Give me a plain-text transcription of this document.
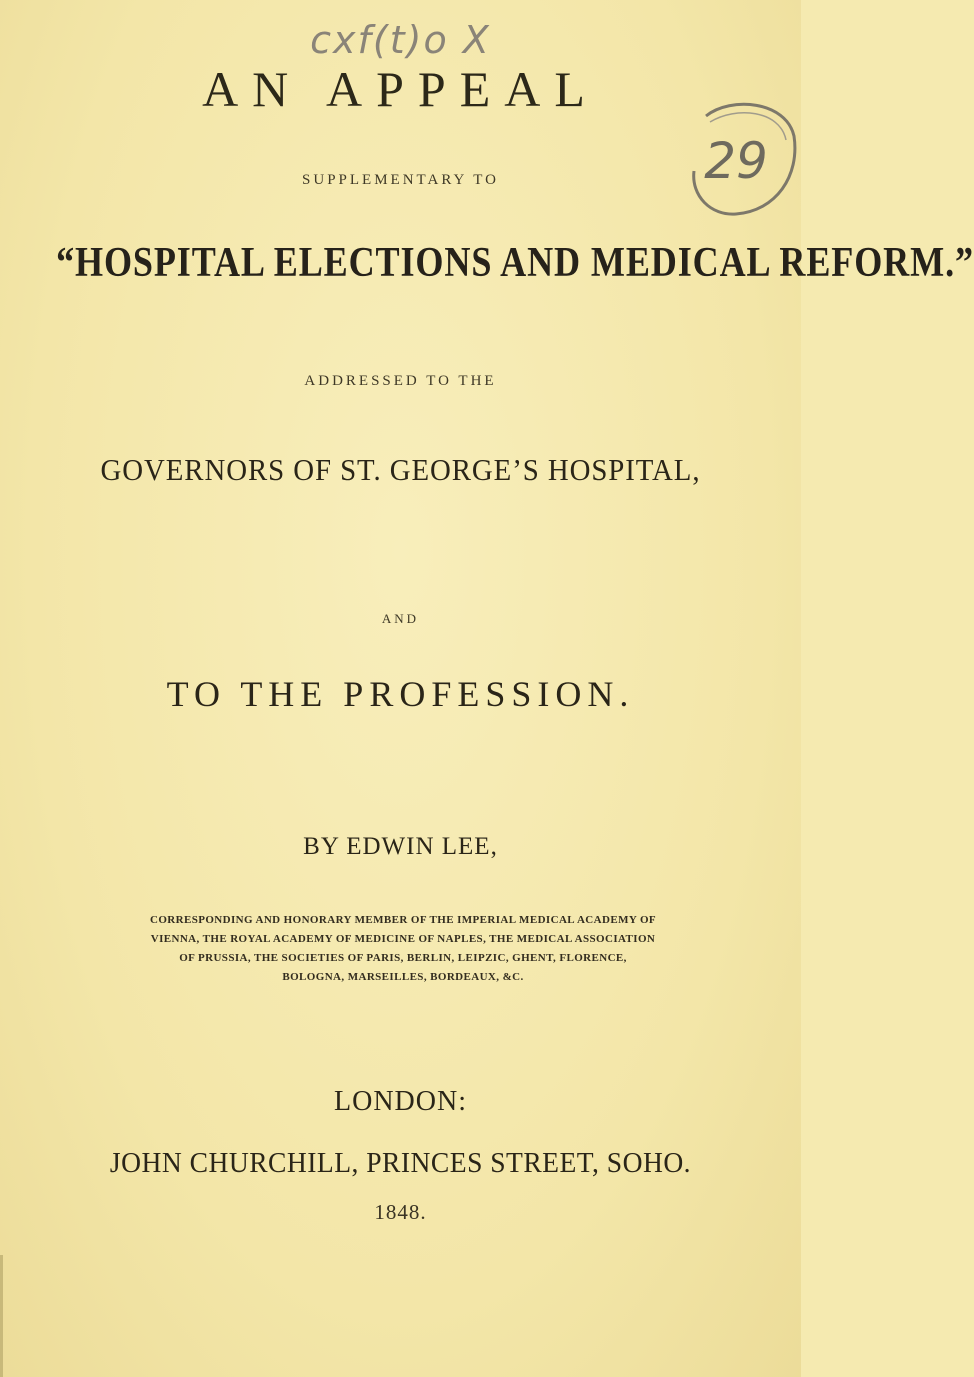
cxf(t)o X
AN APPEAL
29
SUPPLEMENTARY TO
“HOSPITAL ELECTIONS AND MEDICAL REFORM.”
ADDRESSED TO THE
GOVERNORS OF ST. GEORGE’S HOSPITAL,
AND
TO THE PROFESSION.
BY EDWIN LEE,
CORRESPONDING AND HONORARY MEMBER OF THE IMPERIAL MEDICAL ACADEMY OF
VIENNA, THE ROYAL ACADEMY OF MEDICINE OF NAPLES, THE MEDICAL ASSOCIATION
OF PRUSSIA, THE SOCIETIES OF PARIS, BERLIN, LEIPZIC, GHENT, FLORENCE,
BOLOGNA, MARSEILLES, BORDEAUX, &C.
LONDON:
JOHN CHURCHILL, PRINCES STREET, SOHO.
1848.
